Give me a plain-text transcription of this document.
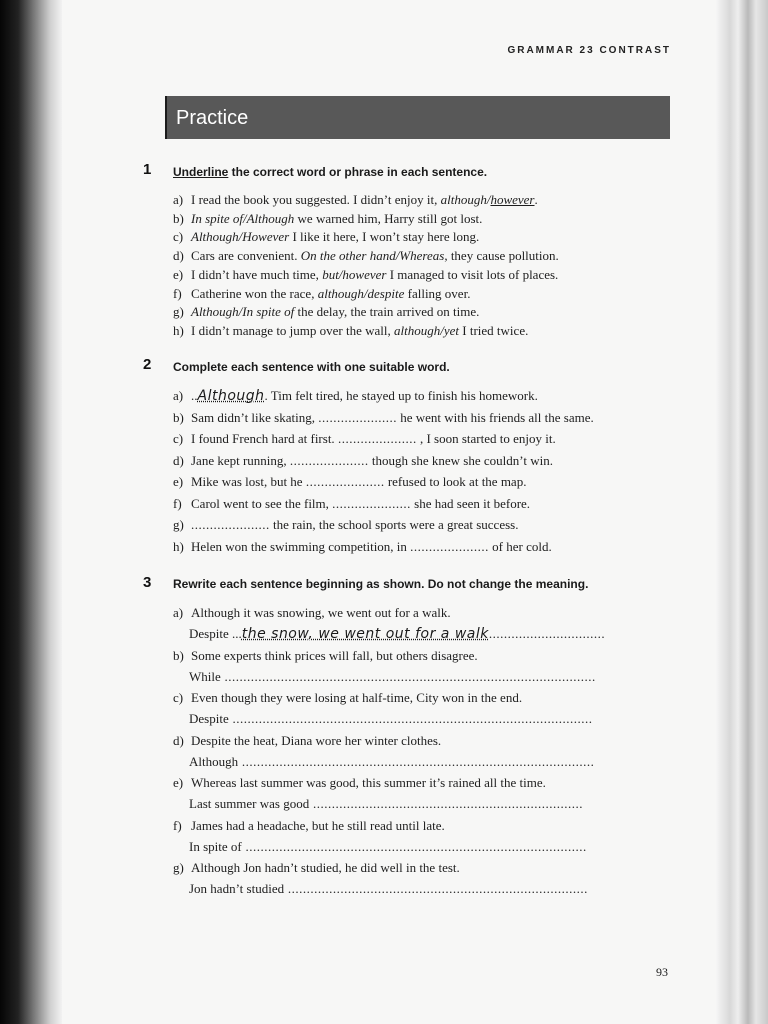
GRAMMAR 23 CONTRAST
Practice
1 Underline the correct word or phrase in each sentence.
a) I read the book you suggested. I didn’t enjoy it, although/however.
b) In spite of/Although we warned him, Harry still got lost.
c) Although/However I like it here, I won’t stay here long.
d) Cars are convenient. On the other hand/Whereas, they cause pollution.
e) I didn’t have much time, but/however I managed to visit lots of places.
f) Catherine won the race, although/despite falling over.
g) Although/In spite of the delay, the train arrived on time.
h) I didn’t manage to jump over the wall, although/yet I tried twice.
2 Complete each sentence with one suitable word.
a) ..Although. Tim felt tired, he stayed up to finish his homework.
b) Sam didn’t like skating, ..................... he went with his friends all the same.
c) I found French hard at first. ..................... , I soon started to enjoy it.
d) Jane kept running, ..................... though she knew she couldn’t win.
e) Mike was lost, but he ..................... refused to look at the map.
f) Carol went to see the film, ..................... she had seen it before.
g) ..................... the rain, the school sports were a great success.
h) Helen won the swimming competition, in ..................... of her cold.
3 Rewrite each sentence beginning as shown. Do not change the meaning.
a) Although it was snowing, we went out for a walk.
Despite ...the snow, we went out for a walk...............................
b) Some experts think prices will fall, but others disagree.
While ...................................................................................................
c) Even though they were losing at half-time, City won in the end.
Despite ................................................................................................
d) Despite the heat, Diana wore her winter clothes.
Although ..............................................................................................
e) Whereas last summer was good, this summer it’s rained all the time.
Last summer was good ........................................................................
f) James had a headache, but he still read until late.
In spite of ...........................................................................................
g) Although Jon hadn’t studied, he did well in the test.
Jon hadn’t studied ................................................................................
93
